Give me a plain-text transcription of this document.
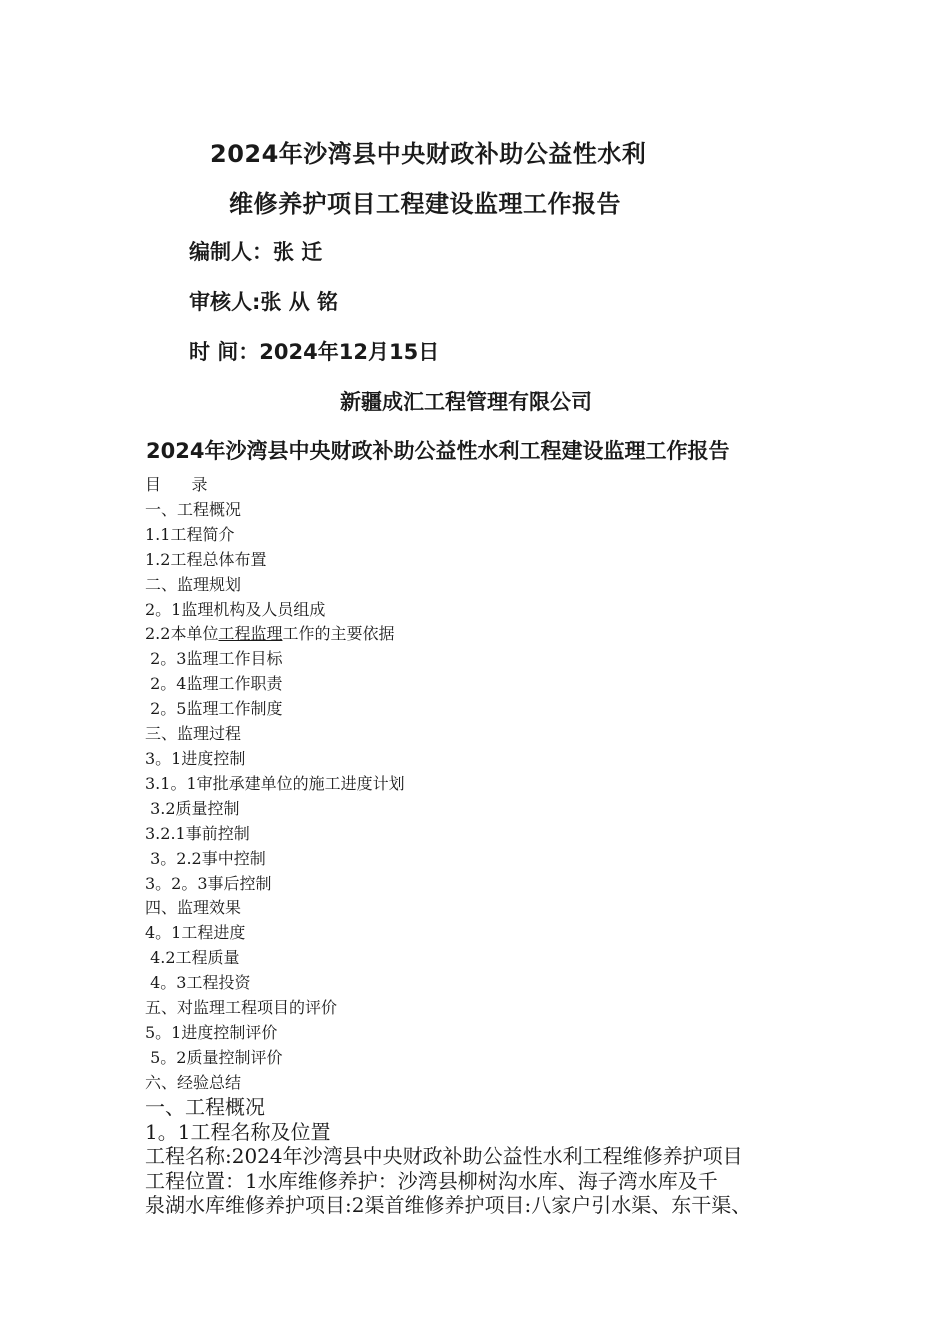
2024年沙湾县中央财政补助公益性水利
维修养护项目工程建设监理工作报告
编制人：张 迁
审核人:张 从 铭
时 间：2024年12月15日
新疆成汇工程管理有限公司
2024年沙湾县中央财政补助公益性水利工程建设监理工作报告
目      录
一、工程概况
1.1工程简介
1.2工程总体布置
二、监理规划
2。1监理机构及人员组成
2.2本单位工程监理工作的主要依据
2。3监理工作目标
2。4监理工作职责
2。5监理工作制度
三、监理过程
3。1进度控制
3.1。1审批承建单位的施工进度计划
3.2质量控制
3.2.1事前控制
3。2.2事中控制
3。2。3事后控制
四、监理效果
4。1工程进度
4.2工程质量
4。3工程投资
五、对监理工程项目的评价
5。1进度控制评价
5。2质量控制评价
六、经验总结
一、工程概况
1。1工程名称及位置
工程名称:2024年沙湾县中央财政补助公益性水利工程维修养护项目
工程位置：1水库维修养护：沙湾县柳树沟水库、海子湾水库及千
泉湖水库维修养护项目:2渠首维修养护项目:八家户引水渠、东干渠、
